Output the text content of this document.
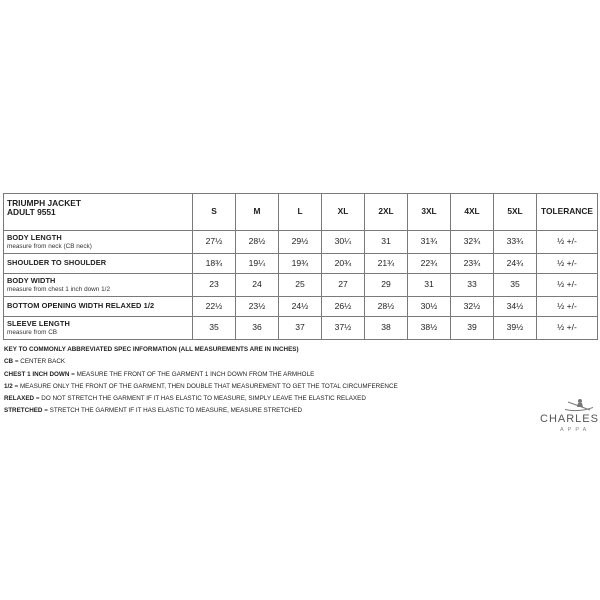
TRIUMPH JACKET
ADULT 9551	S	M	L	XL	2XL	3XL	4XL	5XL	TOLERANCE

BODY LENGTH
measure from neck (CB neck)	27½	28½	29½	30¼	31	31¾	32¾	33¾	½ +/-

SHOULDER TO SHOULDER	18¾	19¼	19¾	20¾	21¾	22¾	23¾	24¾	½ +/-

BODY WIDTH
measure from chest 1 inch down 1/2	23	24	25	27	29	31	33	35	½ +/-

BOTTOM OPENING WIDTH RELAXED 1/2	22½	23½	24½	26½	28½	30½	32½	34½	½ +/-

SLEEVE LENGTH
measure from CB	35	36	37	37½	38	38½	39	39½	½ +/-
KEY TO COMMONLY ABBREVIATED SPEC INFORMATION (ALL MEASUREMENTS ARE IN INCHES)
CB = CENTER BACK
CHEST 1 INCH DOWN = MEASURE THE FRONT OF THE GARMENT 1 INCH DOWN FROM THE ARMHOLE
1/2 = MEASURE ONLY THE FRONT OF THE GARMENT, THEN DOUBLE THAT MEASUREMENT TO GET THE TOTAL CIRCUMFERENCE
RELAXED = DO NOT STRETCH THE GARMENT IF IT HAS ELASTIC TO MEASURE, SIMPLY LEAVE THE ELASTIC RELAXED
STRETCHED = STRETCH THE GARMENT IF IT HAS ELASTIC TO MEASURE, MEASURE STRETCHED
CHARLES
APPA
